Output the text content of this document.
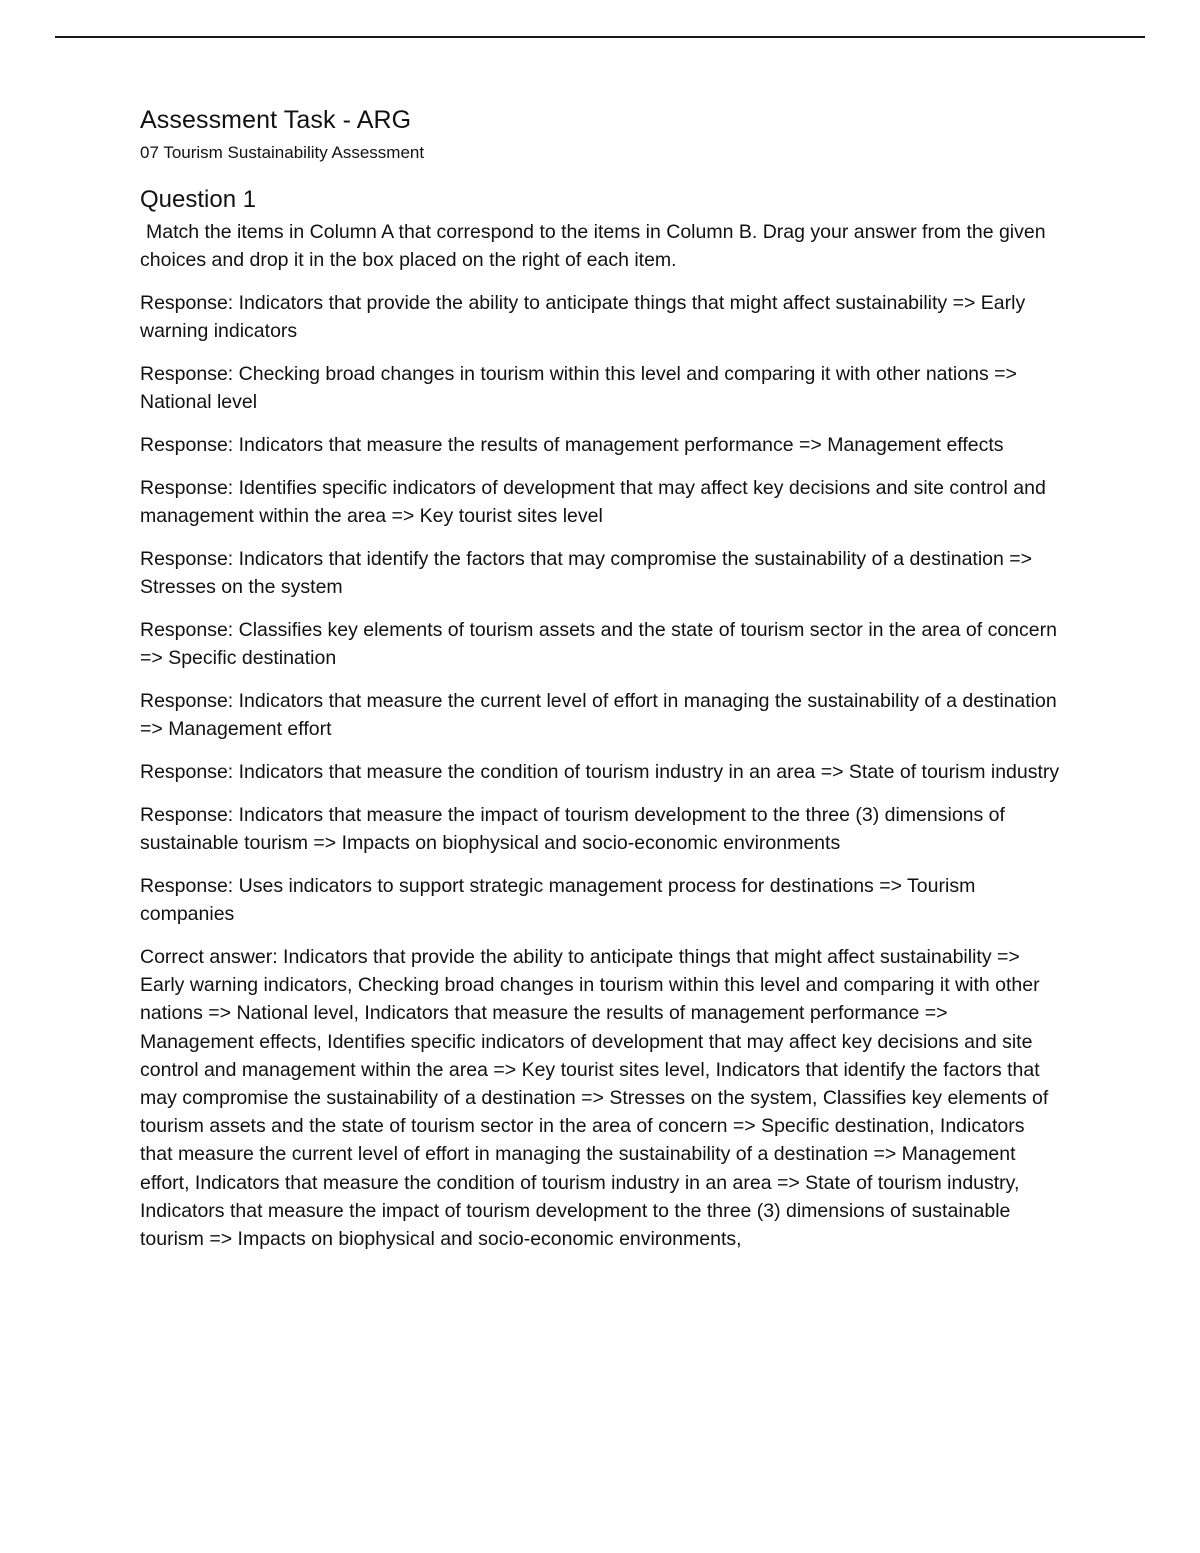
Assessment Task - ARG

07 Tourism Sustainability Assessment

Question 1

Match the items in Column A that correspond to the items in Column B. Drag your answer from the given choices and drop it in the box placed on the right of each item.

Response: Indicators that provide the ability to anticipate things that might affect sustainability => Early warning indicators

Response: Checking broad changes in tourism within this level and comparing it with other nations => National level

Response: Indicators that measure the results of management performance => Management effects

Response: Identifies specific indicators of development that may affect key decisions and site control and management within the area => Key tourist sites level

Response: Indicators that identify the factors that may compromise the sustainability of a destination => Stresses on the system

Response: Classifies key elements of tourism assets and the state of tourism sector in the area of concern => Specific destination

Response: Indicators that measure the current level of effort in managing the sustainability of a destination => Management effort

Response: Indicators that measure the condition of tourism industry in an area => State of tourism industry

Response: Indicators that measure the impact of tourism development to the three (3) dimensions of sustainable tourism => Impacts on biophysical and socio-economic environments

Response: Uses indicators to support strategic management process for destinations => Tourism companies

Correct answer: Indicators that provide the ability to anticipate things that might affect sustainability => Early warning indicators, Checking broad changes in tourism within this level and comparing it with other nations => National level, Indicators that measure the results of management performance => Management effects, Identifies specific indicators of development that may affect key decisions and site control and management within the area => Key tourist sites level, Indicators that identify the factors that may compromise the sustainability of a destination => Stresses on the system, Classifies key elements of tourism assets and the state of tourism sector in the area of concern => Specific destination, Indicators that measure the current level of effort in managing the sustainability of a destination => Management effort, Indicators that measure the condition of tourism industry in an area => State of tourism industry, Indicators that measure the impact of tourism development to the three (3) dimensions of sustainable tourism => Impacts on biophysical and socio-economic environments,
